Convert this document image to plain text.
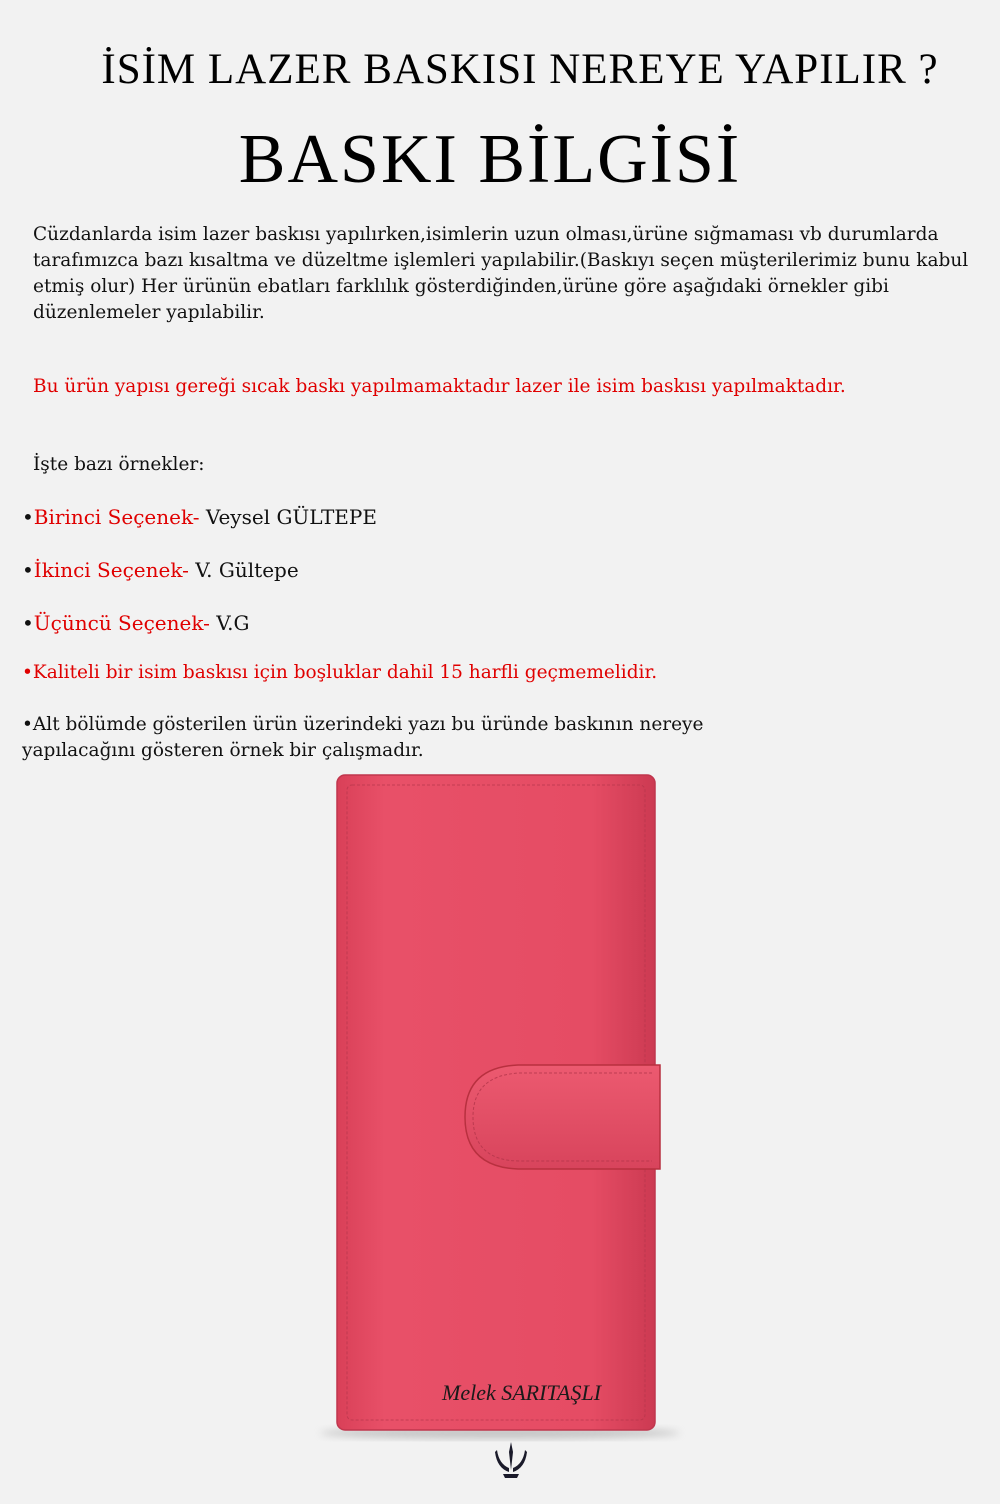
İSİM LAZER BASKISI NEREYE YAPILIR ?
BASKI BİLGİSİ

Cüzdanlarda isim lazer baskısı yapılırken,isimlerin uzun olması,ürüne sığmaması vb durumlarda tarafımızca bazı kısaltma ve düzeltme işlemleri yapılabilir.(Baskıyı seçen müşterilerimiz bunu kabul etmiş olur) Her ürünün ebatları farklılık gösterdiğinden,ürüne göre aşağıdaki örnekler gibi düzenlemeler yapılabilir.

Bu ürün yapısı gereği sıcak baskı yapılmamaktadır lazer ile isim baskısı yapılmaktadır.

İşte bazı örnekler:

•Birinci Seçenek- Veysel GÜLTEPE
•İkinci Seçenek- V. Gültepe
•Üçüncü Seçenek- V.G
•Kaliteli bir isim baskısı için boşluklar dahil 15 harfli geçmemelidir.

•Alt bölümde gösterilen ürün üzerindeki yazı bu üründe baskının nereye yapılacağını gösteren örnek bir çalışmadır.

Melek SARITAŞLI
